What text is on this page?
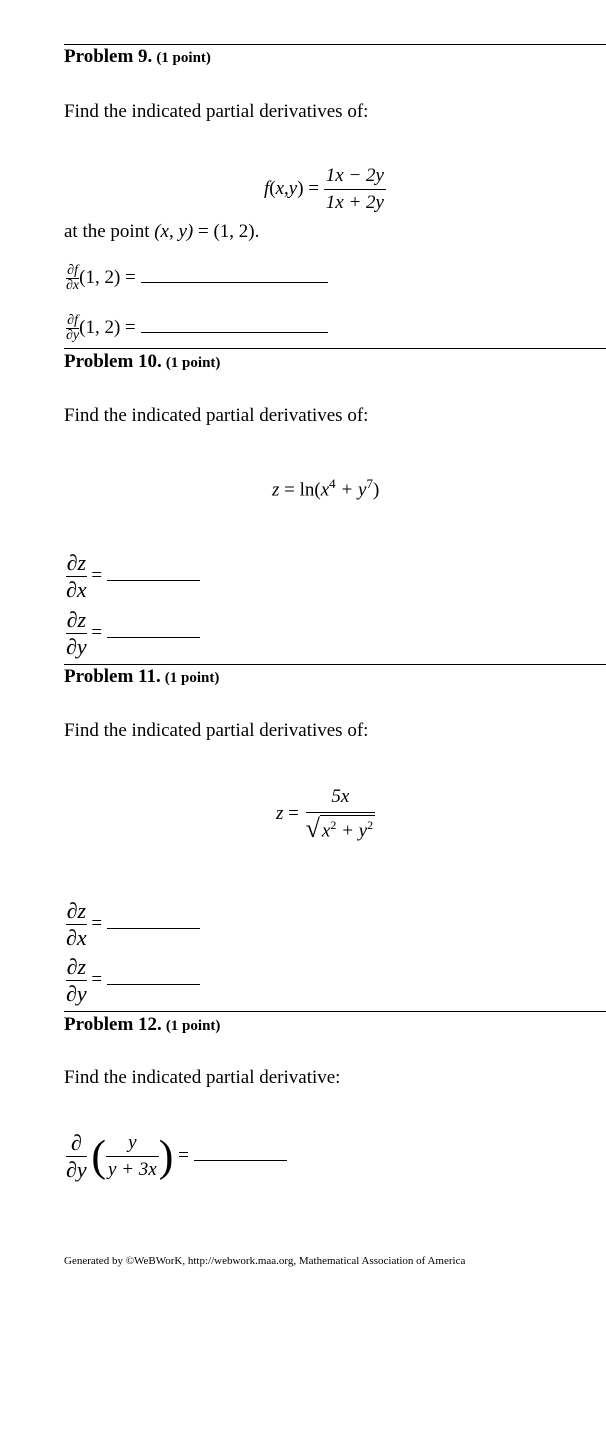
Problem 9. (1 point)
Find the indicated partial derivatives of:
$f(x,y) = \frac{1x - 2y}{1x + 2y}$
at the point (x, y) = (1, 2).
$\frac{\partial f}{\partial x} (1$, 2) =
$\frac{\partial f}{\partial y} (1$, 2) =
Problem 10. (1 point)
Find the indicated partial derivatives of:
$z = \ln(x^4 + y^7)$
$\frac{\partial z}{\partial x}$ =
$\frac{\partial z}{\partial y}$ =
Problem 11. (1 point)
Find the indicated partial derivatives of:
z =
5x
√ $x^2 + y^2$
$\frac{\partial z}{\partial x}$ =
$\frac{\partial z}{\partial y}$ =
Problem 12. (1 point)
Find the indicated partial derivative:
∂
∂y ( $\frac{y}{y + 3x}$ ) =
Generated by ©WeBWorK, http://webwork.maa.org, Mathematical Association of America
